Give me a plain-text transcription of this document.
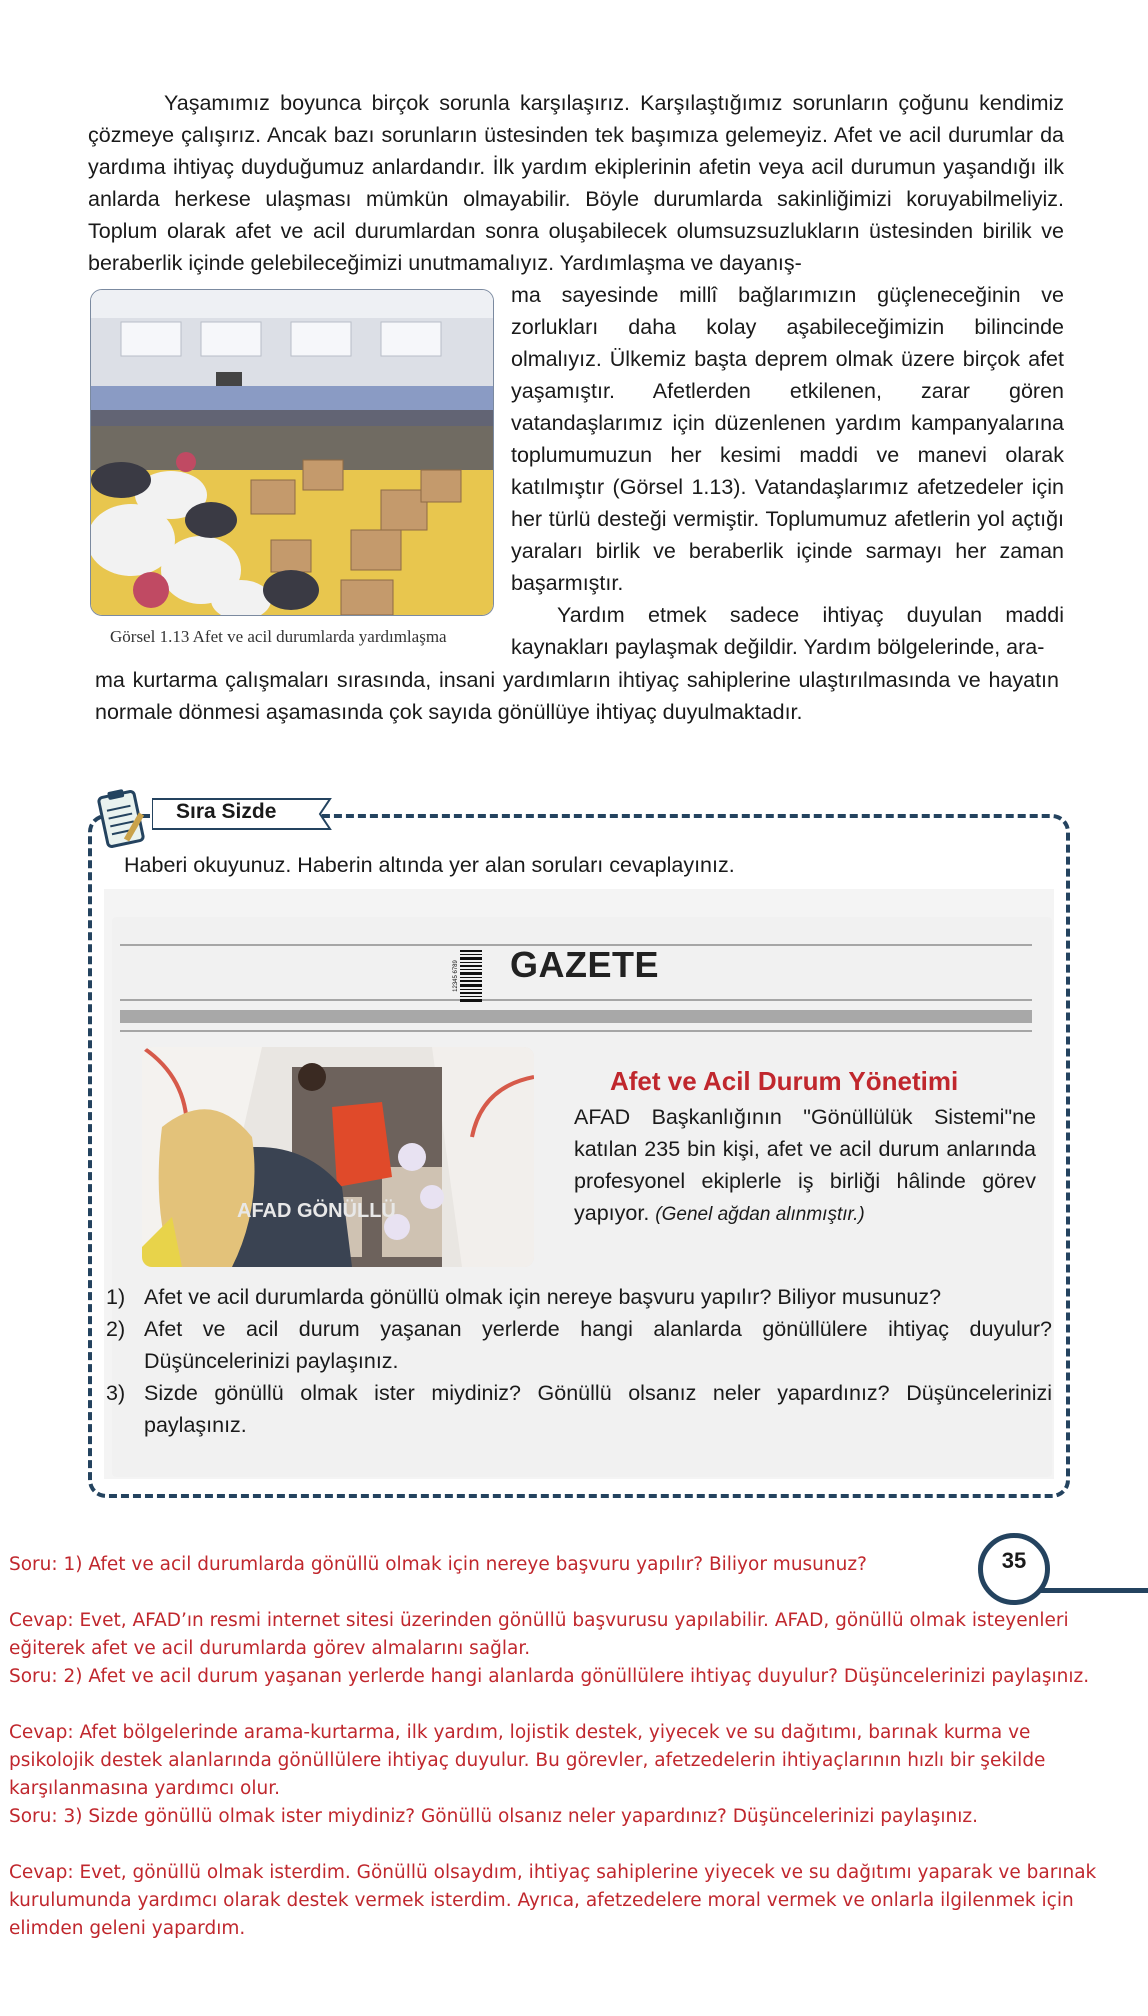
Yaşamımız boyunca birçok sorunla karşılaşırız. Karşılaştığımız sorunların çoğunu kendimiz çözmeye çalışırız. Ancak bazı sorunların üstesinden tek başımıza gelemeyiz. Afet ve acil durumlar da yardıma ihtiyaç duyduğumuz anlardandır. İlk yardım ekiplerinin afetin veya acil durumun yaşandığı ilk anlarda herkese ulaşması mümkün olmayabilir. Böyle durumlarda sakinliğimizi koruyabilmeliyiz. Toplum olarak afet ve acil durumlardan sonra oluşabilecek olumsuzsuzlukların üstesinden birilik ve beraberlik içinde gelebileceğimizi unutmamalıyız. Yardımlaşma ve dayanış-

ma sayesinde millî bağlarımızın güçleneceğinin ve zorlukları daha kolay aşabileceğimizin bilincinde olmalıyız. Ülkemiz başta deprem olmak üzere birçok afet yaşamıştır. Afetlerden etkilenen, zarar gören vatandaşlarımız için düzenlenen yardım kampanyalarına toplumumuzun her kesimi maddi ve manevi olarak katılmıştır (Görsel 1.13). Vatandaşlarımız afetzedeler için her türlü desteği vermiştir. Toplumumuz afetlerin yol açtığı yaraları birlik ve beraberlik içinde sarmayı her zaman başarmıştır.

Yardım etmek sadece ihtiyaç duyulan maddi kaynakları paylaşmak değildir. Yardım bölgelerinde, ara-

Görsel 1.13 Afet ve acil durumlarda yardımlaşma

ma kurtarma çalışmaları sırasında, insani yardımların ihtiyaç sahiplerine ulaştırılmasında ve hayatın normale dönmesi aşamasında çok sayıda gönüllüye ihtiyaç duyulmaktadır.

Sıra Sizde
Haberi okuyunuz. Haberin altında yer alan soruları cevaplayınız.
12345 6789 GAZETE
AFAD GÖNÜLLÜ
Afet ve Acil Durum Yönetimi
AFAD Başkanlığının "Gönüllülük Sistemi"ne katılan 235 bin kişi, afet ve acil durum anlarında profesyonel ekiplerle iş birliği hâlinde görev yapıyor. (Genel ağdan alınmıştır.)
1) Afet ve acil durumlarda gönüllü olmak için nereye başvuru yapılır? Biliyor musunuz?
2) Afet ve acil durum yaşanan yerlerde hangi alanlarda gönüllülere ihtiyaç duyulur? Düşüncelerinizi paylaşınız.
3) Sizde gönüllü olmak ister miydiniz? Gönüllü olsanız neler yapardınız? Düşüncelerinizi paylaşınız.
35
Soru: 1) Afet ve acil durumlarda gönüllü olmak için nereye başvuru yapılır? Biliyor musunuz?
Cevap: Evet, AFAD’ın resmi internet sitesi üzerinden gönüllü başvurusu yapılabilir. AFAD, gönüllü olmak isteyenleri eğiterek afet ve acil durumlarda görev almalarını sağlar.
Soru: 2) Afet ve acil durum yaşanan yerlerde hangi alanlarda gönüllülere ihtiyaç duyulur? Düşüncelerinizi paylaşınız.
Cevap: Afet bölgelerinde arama-kurtarma, ilk yardım, lojistik destek, yiyecek ve su dağıtımı, barınak kurma ve psikolojik destek alanlarında gönüllülere ihtiyaç duyulur. Bu görevler, afetzedelerin ihtiyaçlarının hızlı bir şekilde karşılanmasına yardımcı olur.
Soru: 3) Sizde gönüllü olmak ister miydiniz? Gönüllü olsanız neler yapardınız? Düşüncelerinizi paylaşınız.
Cevap: Evet, gönüllü olmak isterdim. Gönüllü olsaydım, ihtiyaç sahiplerine yiyecek ve su dağıtımı yaparak ve barınak kurulumunda yardımcı olarak destek vermek isterdim. Ayrıca, afetzedelere moral vermek ve onlarla ilgilenmek için elimden geleni yapardım.
